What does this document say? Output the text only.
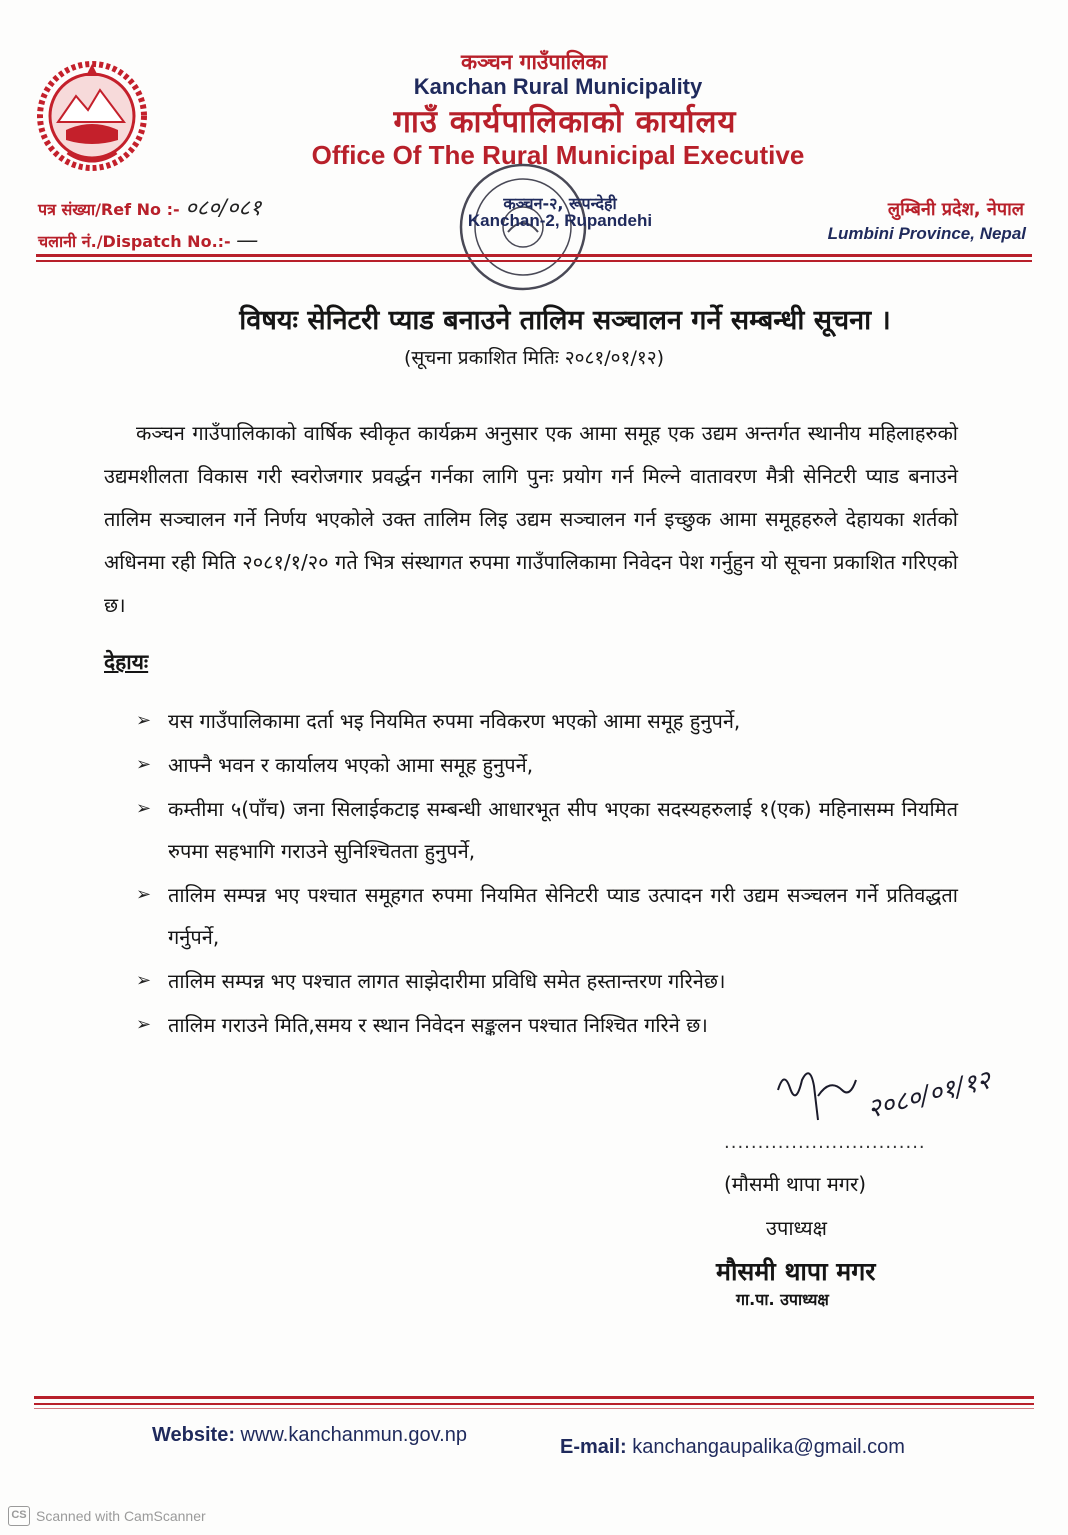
कञ्चन गाउँपालिका
Kanchan Rural Municipality
गाउँ कार्यपालिकाको कार्यालय
Office Of The Rural Municipal Executive
पत्र संख्या/Ref No :- ०८०/०८१
चलानी नं./Dispatch No.:- —
कञ्चन-२, रूपन्देही
Kanchan-2, Rupandehi
लुम्बिनी प्रदेश, नेपाल
Lumbini Province, Nepal
विषयः सेनिटरी प्याड बनाउने तालिम सञ्चालन गर्ने सम्बन्धी सूचना ।
(सूचना प्रकाशित मितिः २०८१/०१/१२)
कञ्चन गाउँपालिकाको वार्षिक स्वीकृत कार्यक्रम अनुसार एक आमा समूह एक उद्यम अन्तर्गत स्थानीय महिलाहरुको उद्यमशीलता विकास गरी स्वरोजगार प्रवर्द्धन गर्नका लागि पुनः प्रयोग गर्न मिल्ने वातावरण मैत्री सेनिटरी प्याड बनाउने तालिम सञ्चालन गर्ने निर्णय भएकोले उक्त तालिम लिइ उद्यम सञ्चालन गर्न इच्छुक आमा समूहहरुले देहायका शर्तको अधिनमा रही मिति २०८१/१/२० गते भित्र संस्थागत रुपमा गाउँपालिकामा निवेदन पेश गर्नुहुन यो सूचना प्रकाशित गरिएको छ।
देहायः
➢ यस गाउँपालिकामा दर्ता भइ नियमित रुपमा नविकरण भएको आमा समूह हुनुपर्ने,
➢ आफ्नै भवन र कार्यालय भएको आमा समूह हुनुपर्ने,
➢ कम्तीमा ५(पाँच) जना सिलाईकटाइ सम्बन्धी आधारभूत सीप भएका सदस्यहरुलाई १(एक) महिनासम्म नियमित रुपमा सहभागि गराउने सुनिश्चितता हुनुपर्ने,
➢ तालिम सम्पन्न भए पश्चात समूहगत रुपमा नियमित सेनिटरी प्याड उत्पादन गरी उद्यम सञ्चलन गर्ने प्रतिवद्धता गर्नुपर्ने,
➢ तालिम सम्पन्न भए पश्चात लागत साझेदारीमा प्रविधि समेत हस्तान्तरण गरिनेछ।
➢ तालिम गराउने मिति,समय र स्थान निवेदन सङ्कलन पश्चात निश्चित गरिने छ।
२०८०/०१/१२
..............................
(मौसमी थापा मगर)
उपाध्यक्ष
मौसमी थापा मगर
गा.पा. उपाध्यक्ष
Website: www.kanchanmun.gov.np
E-mail: kanchangaupalika@gmail.com
CS Scanned with CamScanner
